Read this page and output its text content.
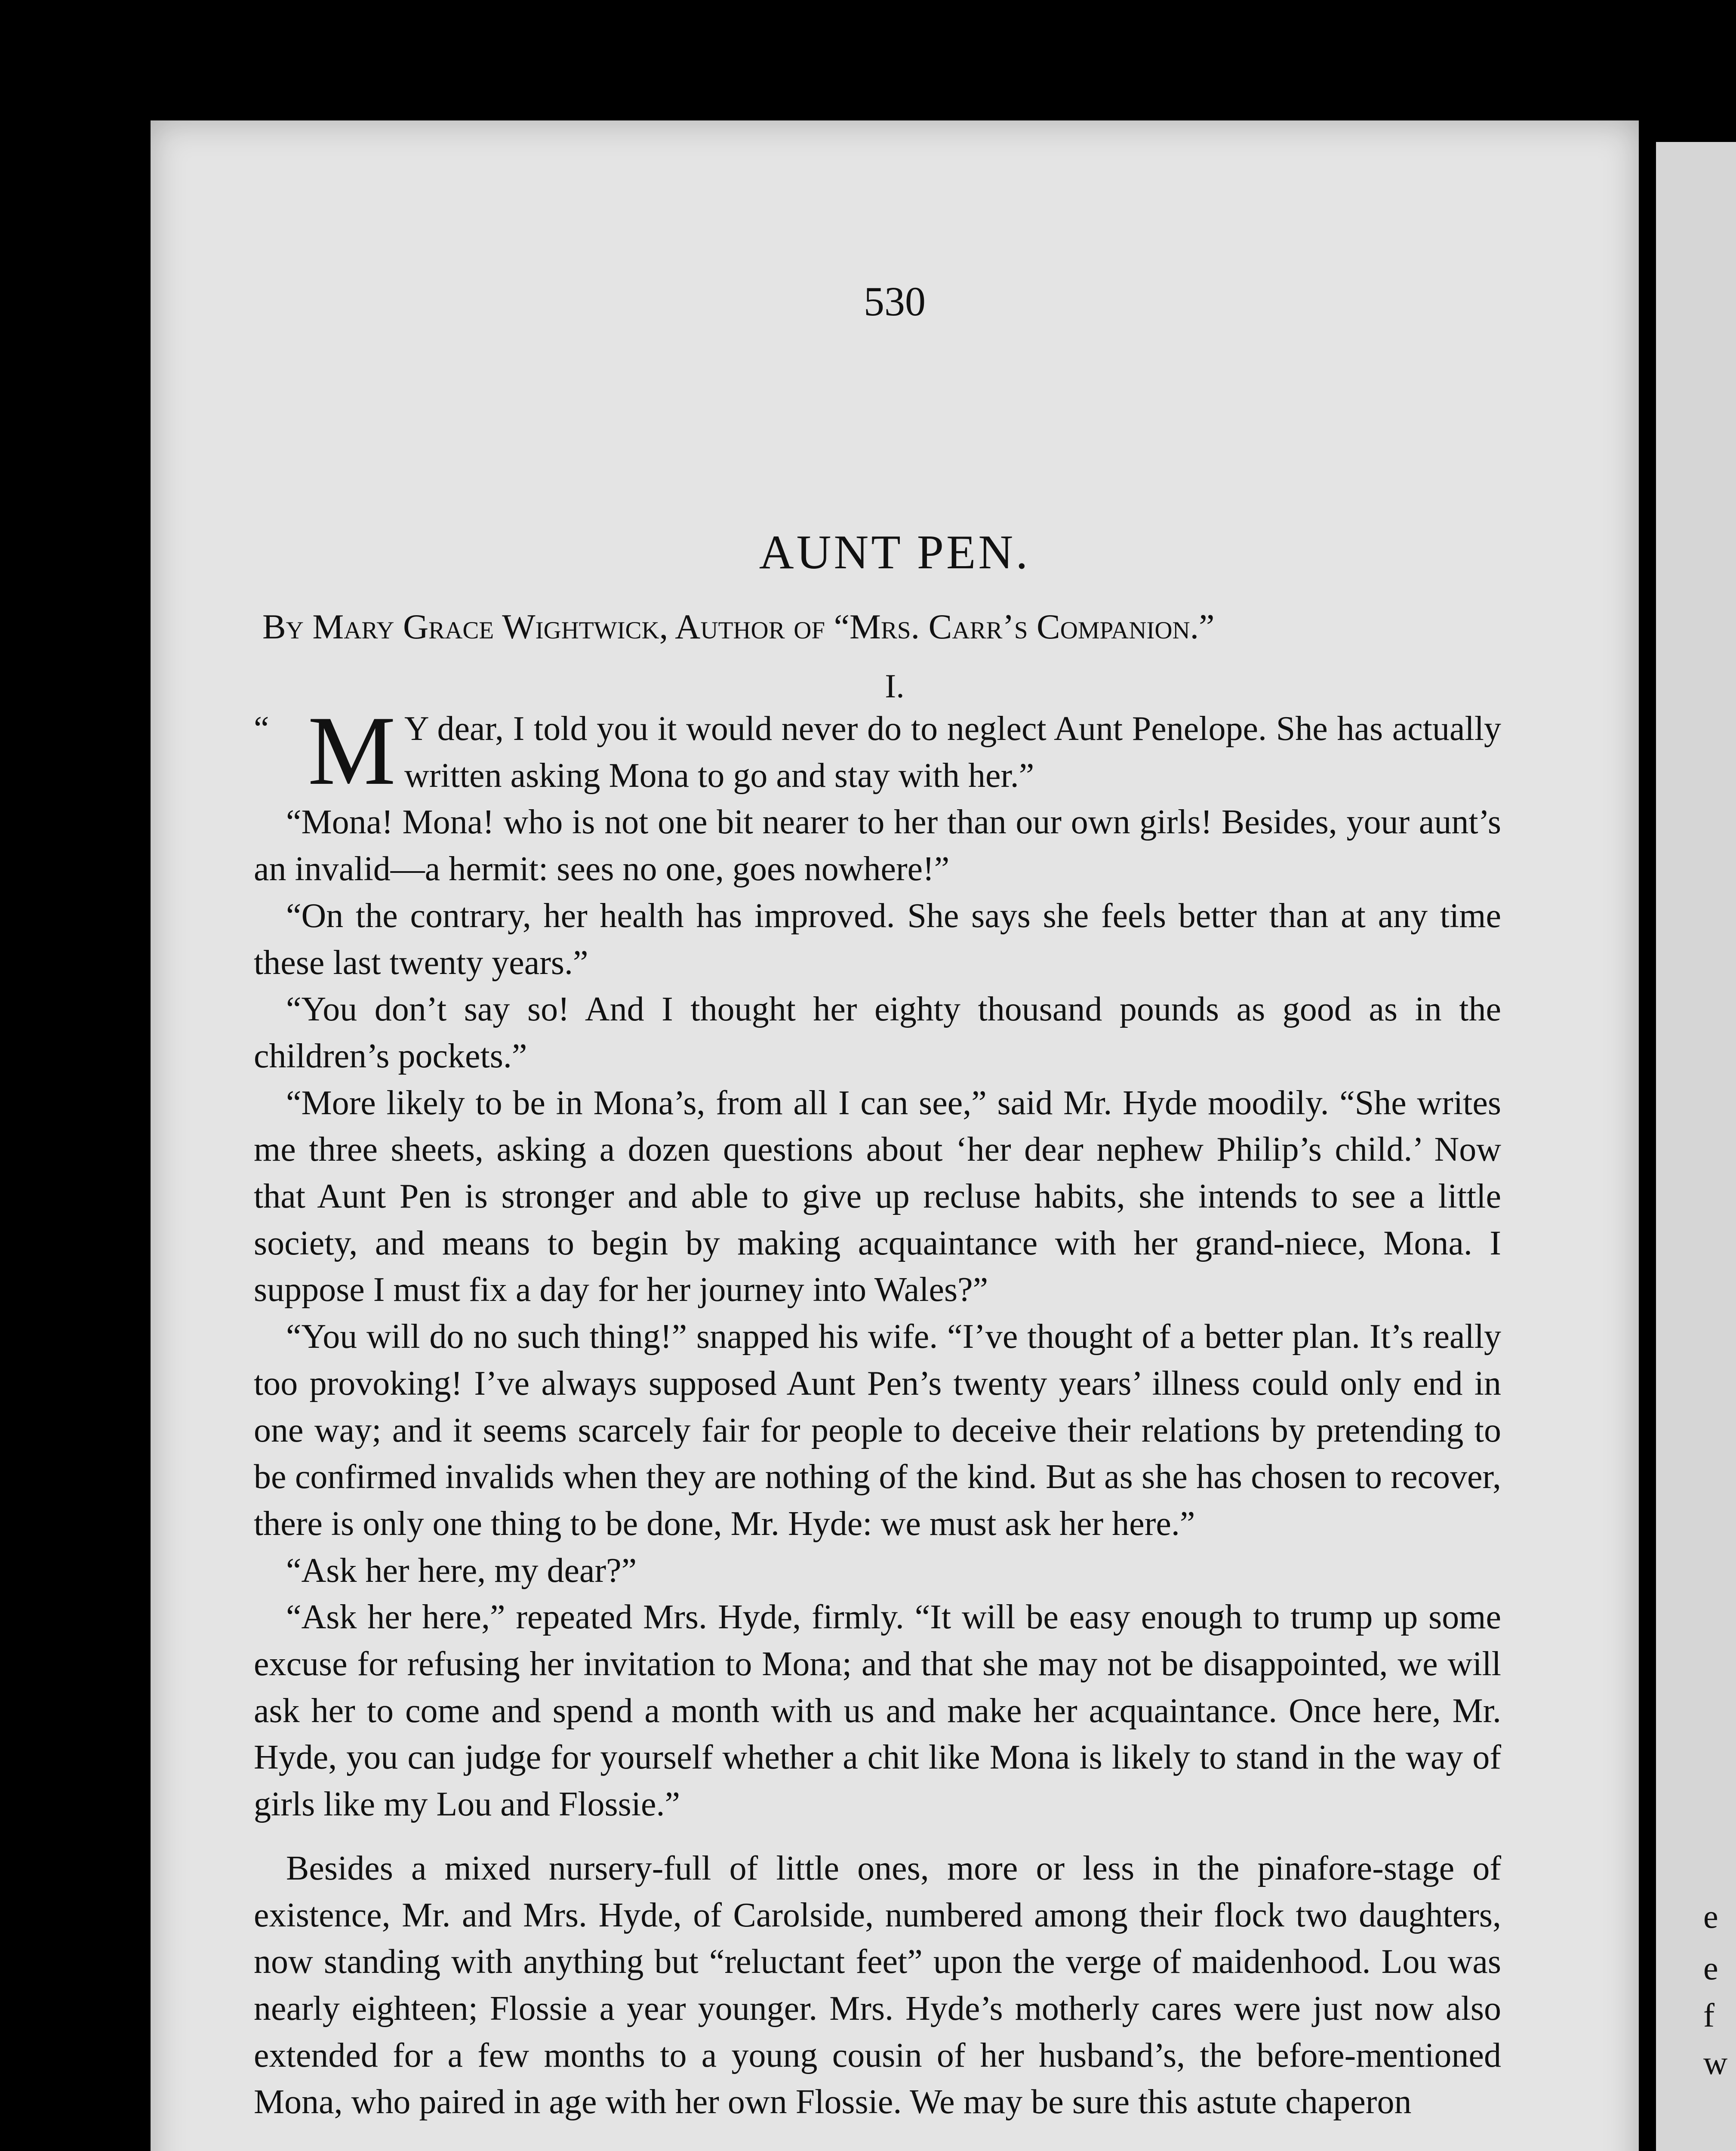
530
AUNT PEN.
By Mary Grace Wightwick, Author of “Mrs. Carr’s Companion.”
I.

“ M Y dear, I told you it would never do to neglect Aunt Penelope. She has actually written asking Mona to go and stay with her.”

“Mona! Mona! who is not one bit nearer to her than our own girls! Besides, your aunt’s an invalid—a hermit: sees no one, goes nowhere!”

“On the contrary, her health has improved. She says she feels better than at any time these last twenty years.”

“You don’t say so! And I thought her eighty thousand pounds as good as in the children’s pockets.”

“More likely to be in Mona’s, from all I can see,” said Mr. Hyde moodily. “She writes me three sheets, asking a dozen questions about ‘her dear nephew Philip’s child.’ Now that Aunt Pen is stronger and able to give up recluse habits, she intends to see a little society, and means to begin by making acquaintance with her grand-niece, Mona. I suppose I must fix a day for her journey into Wales?”

“You will do no such thing!” snapped his wife. “I’ve thought of a better plan. It’s really too provoking! I’ve always supposed Aunt Pen’s twenty years’ illness could only end in one way; and it seems scarcely fair for people to deceive their relations by pretending to be confirmed invalids when they are nothing of the kind. But as she has chosen to recover, there is only one thing to be done, Mr. Hyde: we must ask her here.”

“Ask her here, my dear?”

“Ask her here,” repeated Mrs. Hyde, firmly. “It will be easy enough to trump up some excuse for refusing her invitation to Mona; and that she may not be disappointed, we will ask her to come and spend a month with us and make her acquaintance. Once here, Mr. Hyde, you can judge for yourself whether a chit like Mona is likely to stand in the way of girls like my Lou and Flossie.”

Besides a mixed nursery-full of little ones, more or less in the pinafore-stage of existence, Mr. and Mrs. Hyde, of Carolside, numbered among their flock two daughters, now standing with anything but “reluctant feet” upon the verge of maidenhood. Lou was nearly eighteen; Flossie a year younger. Mrs. Hyde’s motherly cares were just now also extended for a few months to a young cousin of her husband’s, the before-mentioned Mona, who paired in age with her own Flossie. We may be sure this astute chaperon

e
e
f
w
